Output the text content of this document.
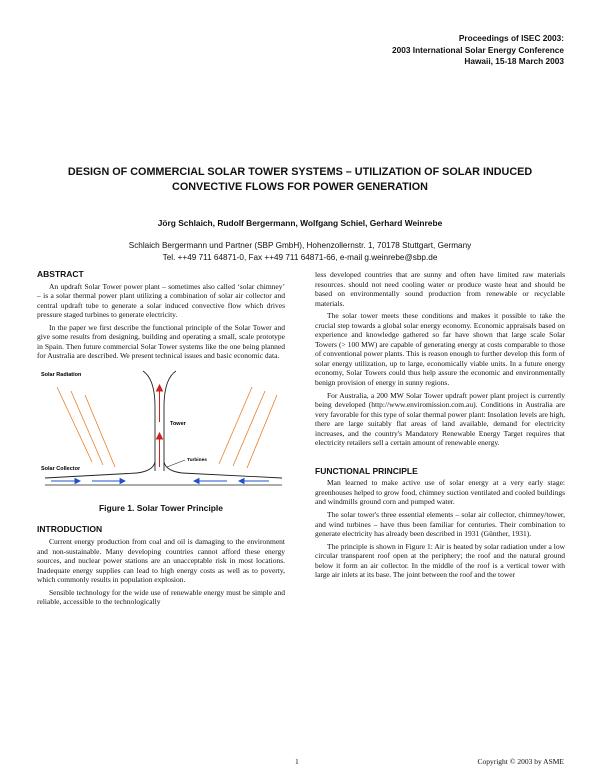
Proceedings of ISEC 2003:
2003 International Solar Energy Conference
Hawaii, 15-18 March 2003
DESIGN OF COMMERCIAL SOLAR TOWER SYSTEMS – UTILIZATION OF SOLAR INDUCED
CONVECTIVE FLOWS FOR POWER GENERATION
Jörg Schlaich, Rudolf Bergermann, Wolfgang Schiel, Gerhard Weinrebe
Schlaich Bergermann und Partner (SBP GmbH), Hohenzollernstr. 1, 70178 Stuttgart, Germany
Tel. ++49 711 64871-0, Fax ++49 711 64871-66, e-mail g.weinrebe@sbp.de
ABSTRACT

An updraft Solar Tower power plant – sometimes also called ‘solar chimney’ – is a solar thermal power plant utilizing a combination of solar air collector and central updraft tube to generate a solar induced convective flow which drives pressure staged turbines to generate electricity.

In the paper we first describe the functional principle of the Solar Tower and give some results from designing, building and operating a small, scale prototype in Spain. Then future commercial Solar Tower systems like the one being planned for Australia are described. We present technical issues and basic economic data.

Solar Radiation
Tower
Turbines
Solar Collector
Figure 1. Solar Tower Principle
INTRODUCTION

Current energy production from coal and oil is damaging to the environment and non-sustainable. Many developing countries cannot afford these energy sources, and nuclear power stations are an unacceptable risk in most locations. Inadequate energy supplies can lead to high energy costs as well as to poverty, which commonly results in population explosion.

Sensible technology for the wide use of renewable energy must be simple and reliable, accessible to the technologically

less developed countries that are sunny and often have limited raw materials resources. should not need cooling water or produce waste heat and should be based on environmentally sound production from renewable or recyclable materials.

The solar tower meets these conditions and makes it possible to take the crucial step towards a global solar energy economy. Economic appraisals based on experience and knowledge gathered so far have shown that large scale Solar Towers (> 100 MW) are capable of generating energy at costs comparable to those of conventional power plants. This is reason enough to further develop this form of solar energy utilization, up to large, economically viable units. In a future energy economy, Solar Towers could thus help assure the economic and environmentally benign provision of energy in sunny regions.

For Australia, a 200 MW Solar Tower updraft power plant project is currently being developed (http://www.enviromission.com.au). Conditions in Australia are very favorable for this type of solar thermal power plant: Insolation levels are high, there are large suitably flat areas of land available, demand for electricity increases, and the country's Mandatory Renewable Energy Target requires that electricity retailers sell a certain amount of renewable energy.

FUNCTIONAL PRINCIPLE

Man learned to make active use of solar energy at a very early stage: greenhouses helped to grow food, chimney suction ventilated and cooled buildings and windmills ground corn and pumped water.

The solar tower's three essential elements – solar air collector, chimney/tower, and wind turbines – have thus been familiar for centuries. Their combination to generate electricity has already been described in 1931 (Günther, 1931).

The principle is shown in Figure 1: Air is heated by solar radiation under a low circular transparent roof open at the periphery; the roof and the natural ground below it form an air collector. In the middle of the roof is a vertical tower with large air inlets at its base. The joint between the roof and the tower

1	Copyright © 2003 by ASME
